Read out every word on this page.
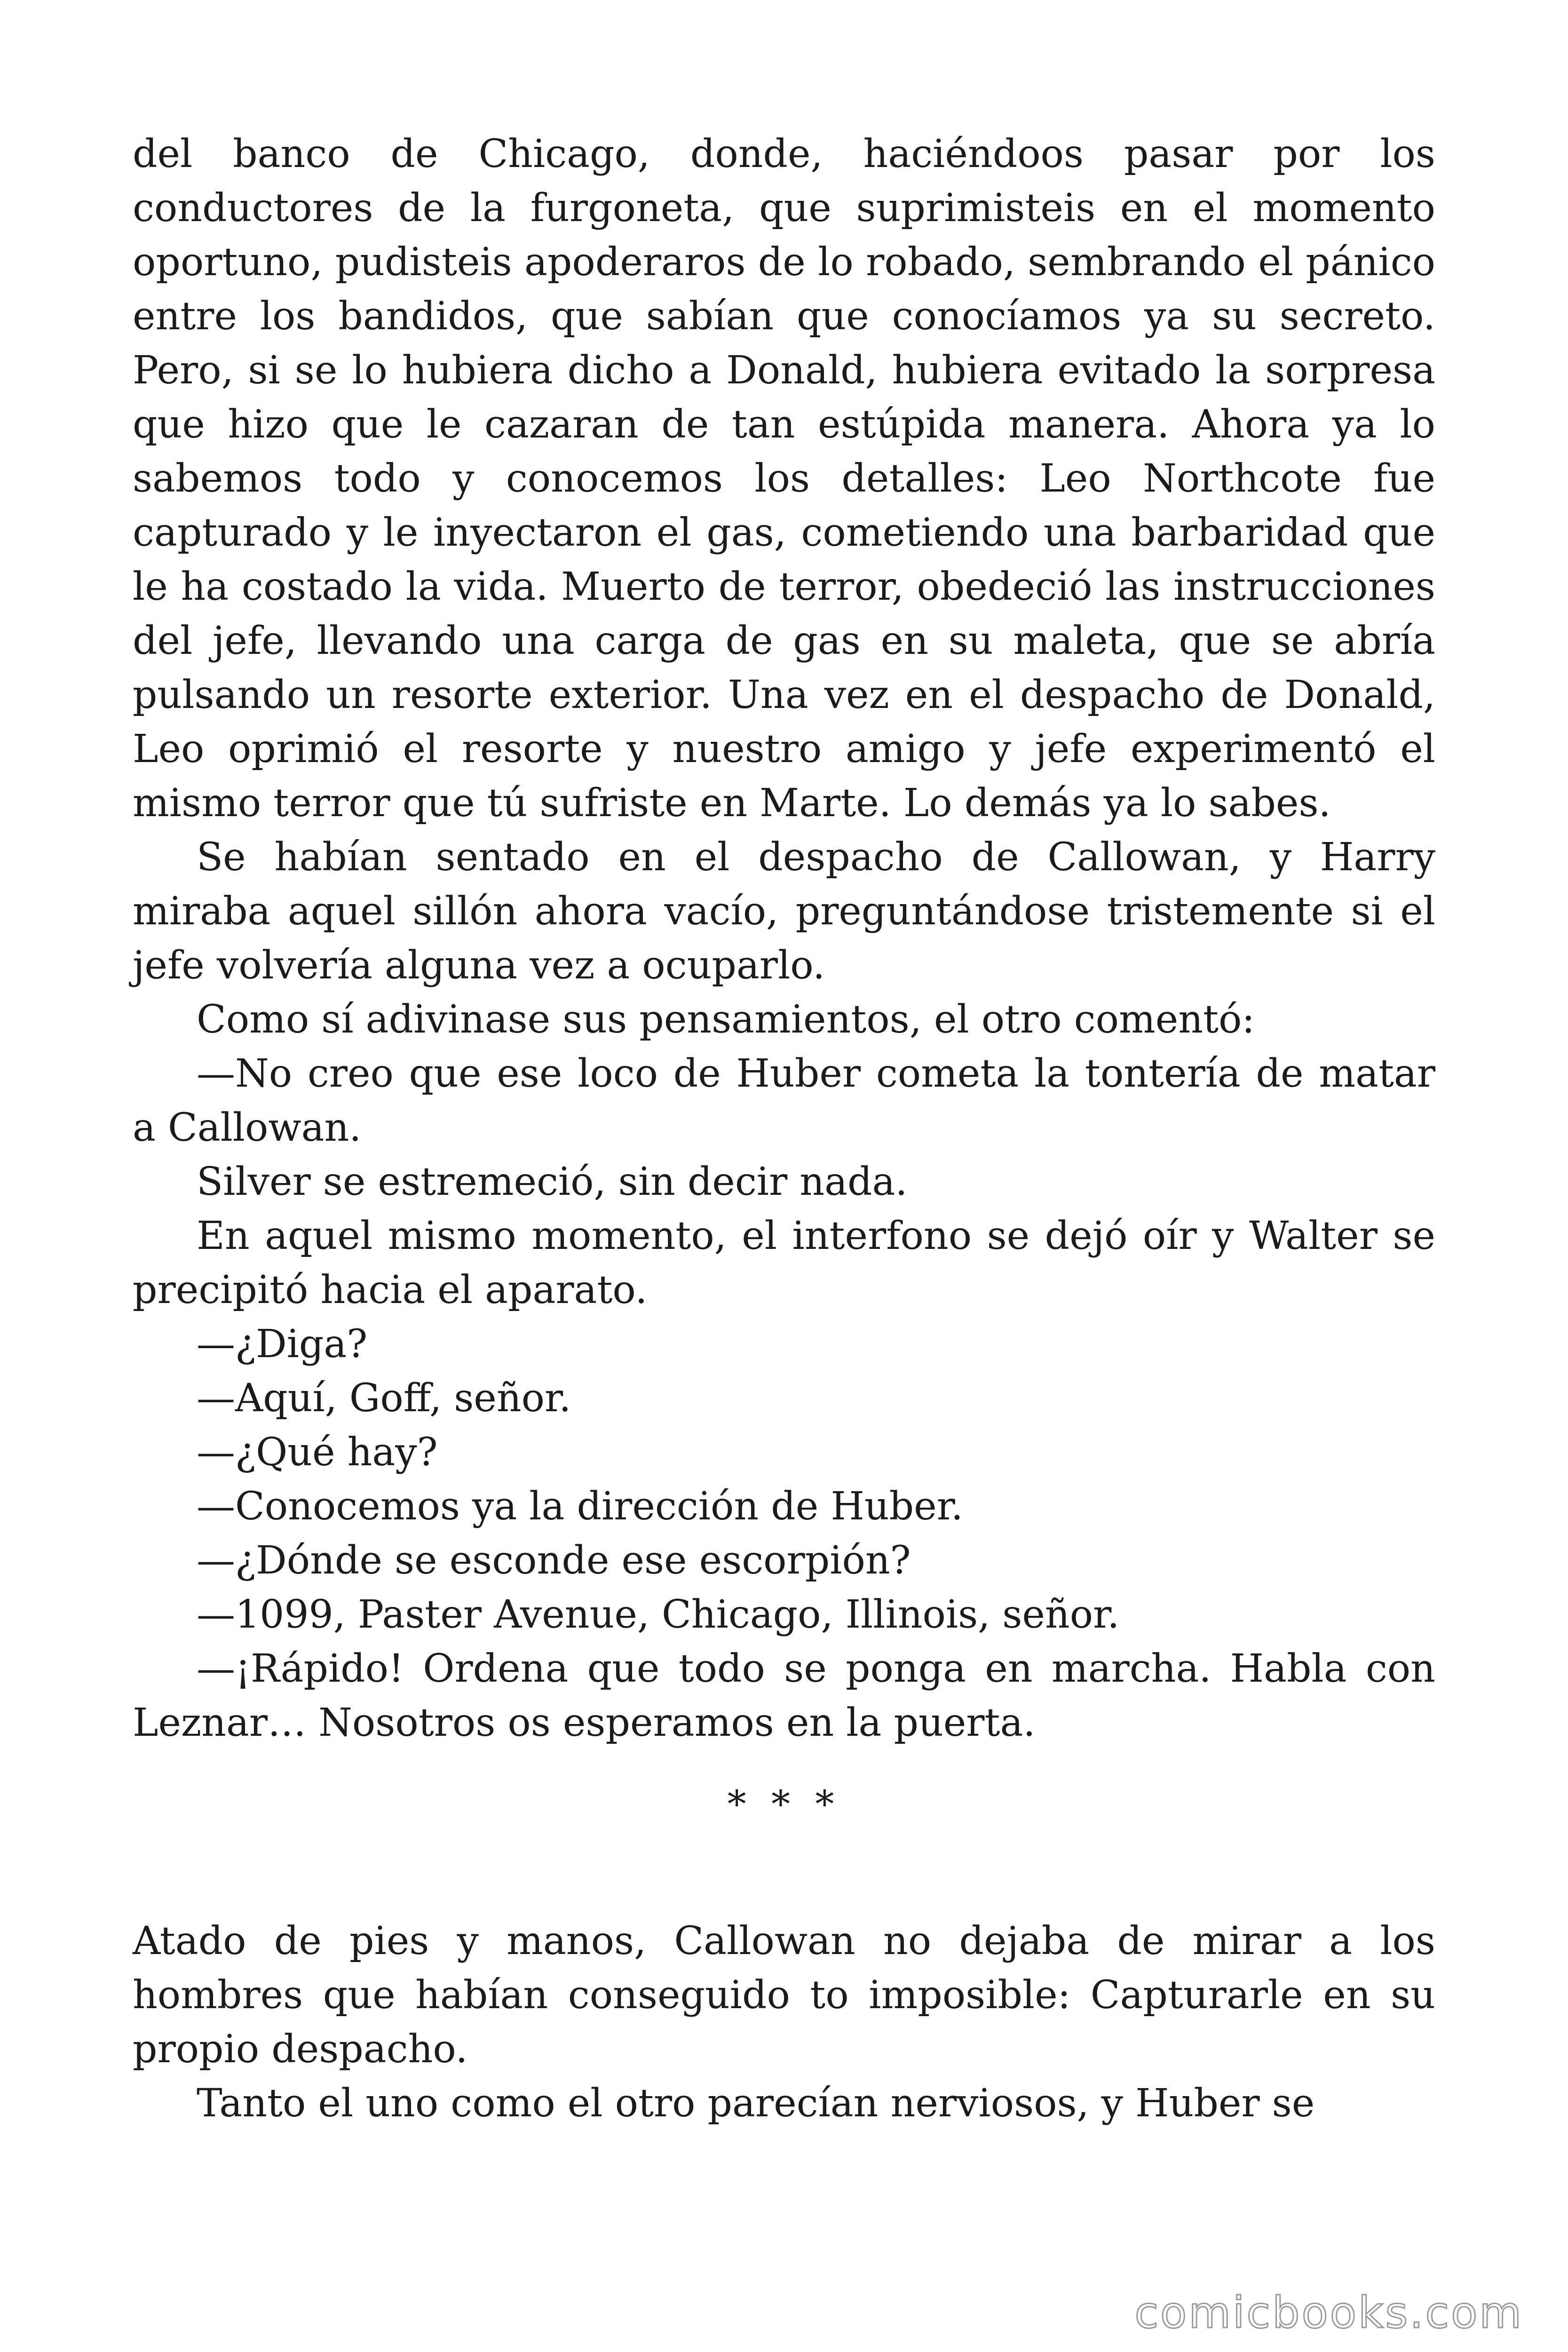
del banco de Chicago, donde, haciéndoos pasar por los conductores de la furgoneta, que suprimisteis en el momento oportuno, pudisteis apoderaros de lo robado, sembrando el pánico entre los bandidos, que sabían que conocíamos ya su secreto. Pero, si se lo hubiera dicho a Donald, hubiera evitado la sorpresa que hizo que le cazaran de tan estúpida manera. Ahora ya lo sabemos todo y conocemos los detalles: Leo Northcote fue capturado y le inyectaron el gas, cometiendo una barbaridad que le ha costado la vida. Muerto de terror, obedeció las instrucciones del jefe, llevando una carga de gas en su maleta, que se abría pulsando un resorte exterior. Una vez en el despacho de Donald, Leo oprimió el resorte y nuestro amigo y jefe experimentó el mismo terror que tú sufriste en Marte. Lo demás ya lo sabes.

Se habían sentado en el despacho de Callowan, y Harry miraba aquel sillón ahora vacío, preguntándose tristemente si el jefe volvería alguna vez a ocuparlo.

Como sí adivinase sus pensamientos, el otro comentó:

—No creo que ese loco de Huber cometa la tontería de matar a Callowan.

Silver se estremeció, sin decir nada.

En aquel mismo momento, el interfono se dejó oír y Walter se precipitó hacia el aparato.

—¿Diga?

—Aquí, Goff, señor.

—¿Qué hay?

—Conocemos ya la dirección de Huber.

—¿Dónde se esconde ese escorpión?

—1099, Paster Avenue, Chicago, Illinois, señor.

—¡Rápido! Ordena que todo se ponga en marcha. Habla con Leznar… Nosotros os esperamos en la puerta.

* * *

Atado de pies y manos, Callowan no dejaba de mirar a los hombres que habían conseguido to imposible: Capturarle en su propio despacho.

Tanto el uno como el otro parecían nerviosos, y Huber se

comicbooks.com
